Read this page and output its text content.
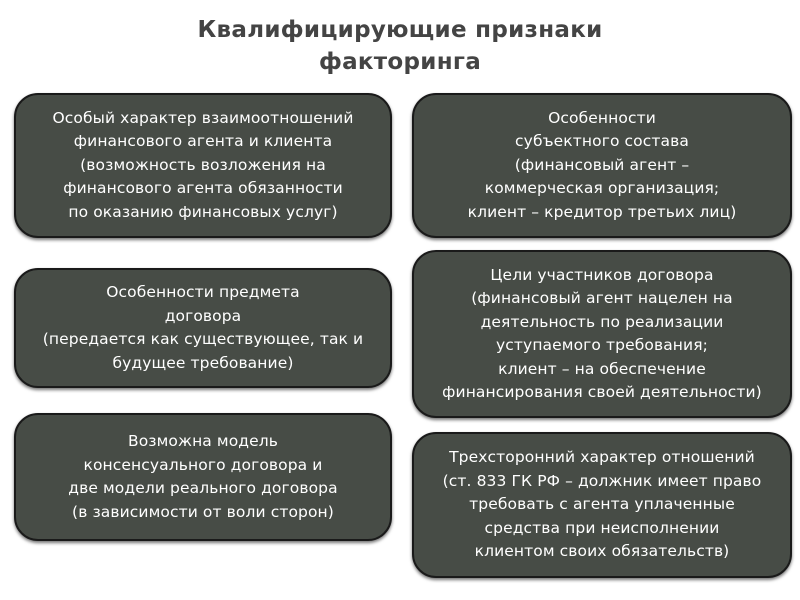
Квалифицирующие признаки
факторинга
Особый характер взаимоотношений
финансового агента и клиента
(возможность возложения на
финансового агента обязанности
по оказанию финансовых услуг)
Особенности
субъектного состава
(финансовый агент –
коммерческая организация;
клиент – кредитор третьих лиц)
Особенности предмета
договора
(передается как существующее, так и
будущее требование)
Цели участников договора
(финансовый агент нацелен на
деятельность по реализации
уступаемого требования;
клиент – на обеспечение
финансирования своей деятельности)
Возможна модель
консенсуального договора и
две модели реального договора
(в зависимости от воли сторон)
Трехсторонний характер отношений
(ст. 833 ГК РФ – должник имеет право
требовать с агента уплаченные
средства при неисполнении
клиентом своих обязательств)
